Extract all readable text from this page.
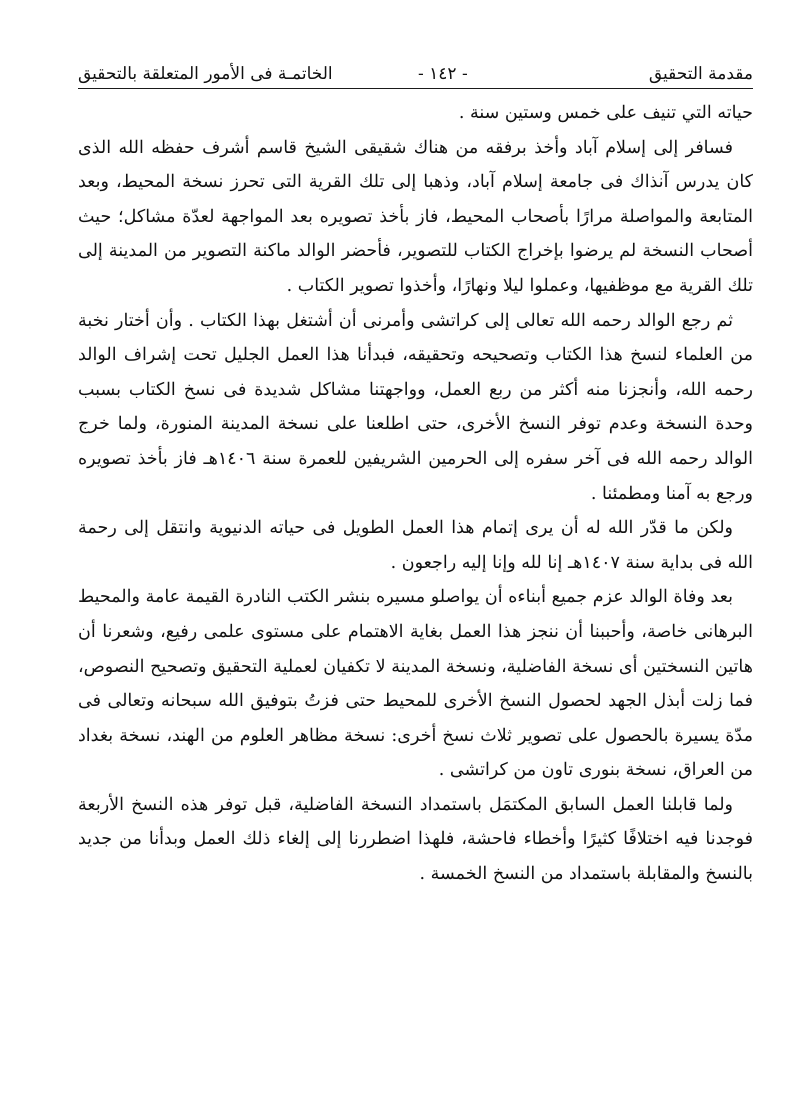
مقدمة التحقيق
- ١٤٢ -
الخاتمـة فى الأمور المتعلقة بالتحقيق

حياته التي تنيف على خمس وستين سنة .

فسافر إلى إسلام آباد وأخذ برفقه من هناك شقيقى الشيخ قاسم أشرف حفظه الله الذى كان يدرس آنذاك فى جامعة إسلام آباد، وذهبا إلى تلك القرية التى تحرز نسخة المحيط، وبعد المتابعة والمواصلة مرارًا بأصحاب المحيط، فاز بأخذ تصويره بعد المواجهة لعدّة مشاكل؛ حيث أصحاب النسخة لم يرضوا بإخراج الكتاب للتصوير، فأحضر الوالد ماكنة التصوير من المدينة إلى تلك القرية مع موظفيها، وعملوا ليلا ونهارًا، وأخذوا تصوير الكتاب .

ثم رجع الوالد رحمه الله تعالى إلى كراتشى وأمرنى أن أشتغل بهذا الكتاب . وأن أختار نخبة من العلماء لنسخ هذا الكتاب وتصحيحه وتحقيقه، فبدأنا هذا العمل الجليل تحت إشراف الوالد رحمه الله، وأنجزنا منه أكثر من ربع العمل، وواجهتنا مشاكل شديدة فى نسخ الكتاب بسبب وحدة النسخة وعدم توفر النسخ الأخرى، حتى اطلعنا على نسخة المدينة المنورة، ولما خرج الوالد رحمه الله فى آخر سفره إلى الحرمين الشريفين للعمرة سنة ١٤٠٦هـ فاز بأخذ تصويره ورجع به آمنا ومطمئنا .

ولكن ما قدّر الله له أن يرى إتمام هذا العمل الطويل فى حياته الدنيوية وانتقل إلى رحمة الله فى بداية سنة ١٤٠٧هـ إنا لله وإنا إليه راجعون .

بعد وفاة الوالد عزم جميع أبناءه أن يواصلو مسيره بنشر الكتب النادرة القيمة عامة والمحيط البرهانى خاصة، وأحببنا أن ننجز هذا العمل بغاية الاهتمام على مستوى علمى رفيع، وشعرنا أن هاتين النسختين أى نسخة الفاضلية، ونسخة المدينة لا تكفيان لعملية التحقيق وتصحيح النصوص، فما زلت أبذل الجهد لحصول النسخ الأخرى للمحيط حتى فزتُ بتوفيق الله سبحانه وتعالى فى مدّة يسيرة بالحصول على تصوير ثلاث نسخ أخرى: نسخة مظاهر العلوم من الهند، نسخة بغداد من العراق، نسخة بنورى تاون من كراتشى .

ولما قابلنا العمل السابق المكتمَل باستمداد النسخة الفاضلية، قبل توفر هذه النسخ الأربعة فوجدنا فيه اختلافًا كثيرًا وأخطاء فاحشة، فلهذا اضطررنا إلى إلغاء ذلك العمل وبدأنا من جديد بالنسخ والمقابلة باستمداد من النسخ الخمسة .
